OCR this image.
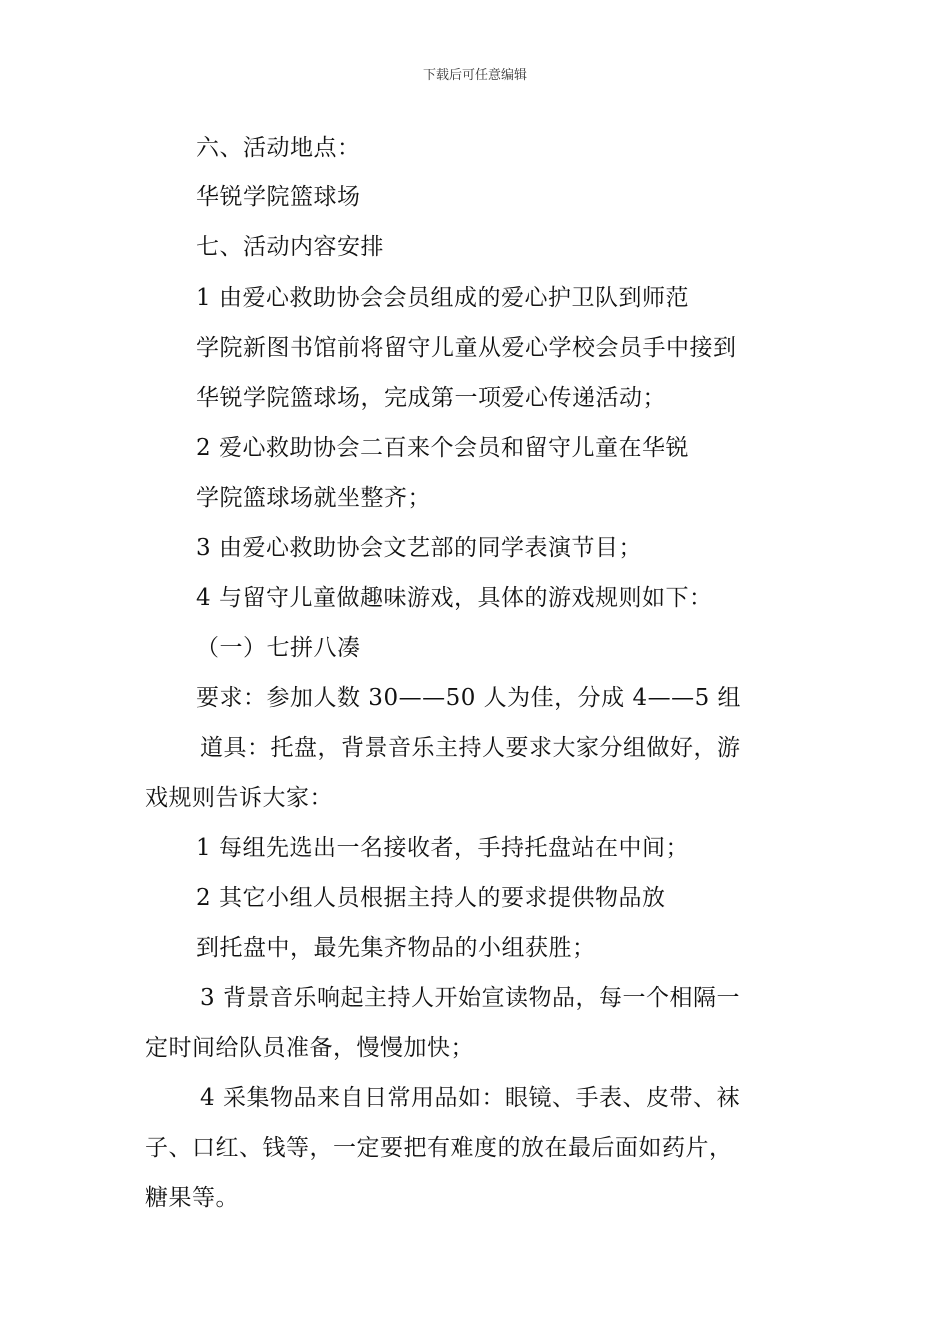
下载后可任意编辑
六、活动地点：
华锐学院篮球场
七、活动内容安排
1 由爱心救助协会会员组成的爱心护卫队到师范
学院新图书馆前将留守儿童从爱心学校会员手中接到
华锐学院篮球场，完成第一项爱心传递活动；
2 爱心救助协会二百来个会员和留守儿童在华锐
学院篮球场就坐整齐；
3 由爱心救助协会文艺部的同学表演节目；
4 与留守儿童做趣味游戏，具体的游戏规则如下：
（一）七拼八凑
要求：参加人数 30——50 人为佳，分成 4——5 组
道具：托盘，背景音乐主持人要求大家分组做好，游
戏规则告诉大家：
1 每组先选出一名接收者，手持托盘站在中间；
2 其它小组人员根据主持人的要求提供物品放
到托盘中，最先集齐物品的小组获胜；
3 背景音乐响起主持人开始宣读物品，每一个相隔一
定时间给队员准备，慢慢加快；
4 采集物品来自日常用品如：眼镜、手表、皮带、袜
子、口红、钱等，一定要把有难度的放在最后面如药片，
糖果等。
